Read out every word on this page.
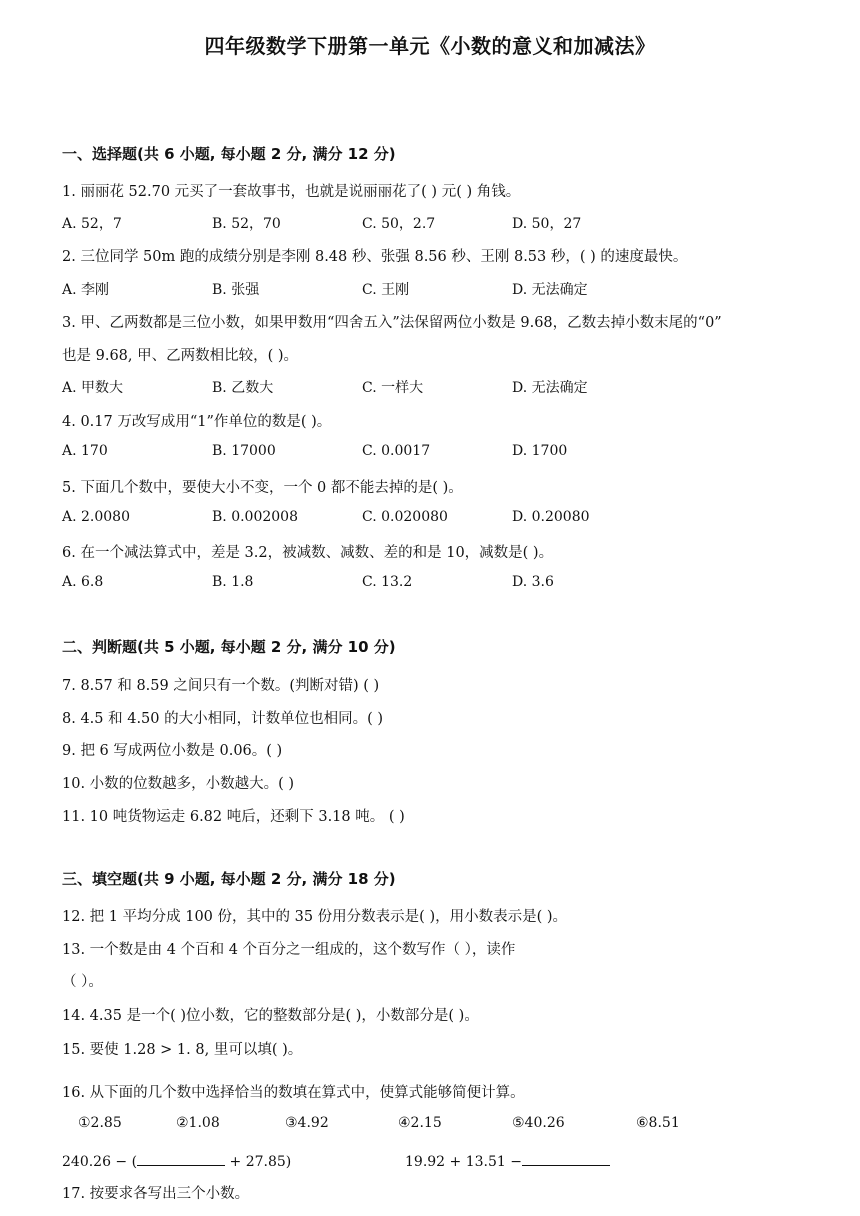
四年级数学下册第一单元《小数的意义和加减法》
一、选择题(共 6 小题, 每小题 2 分, 满分 12 分)
1. 丽丽花 52.70 元买了一套故事书，也就是说丽丽花了( ) 元( ) 角钱。
A. 52，7	B. 52，70	C. 50，2.7	D. 50，27
2. 三位同学 50m 跑的成绩分别是李刚 8.48 秒、张强 8.56 秒、王刚 8.53 秒，( ) 的速度最快。
A. 李刚	B. 张强	C. 王刚	D. 无法确定
3. 甲、乙两数都是三位小数，如果甲数用“四舍五入”法保留两位小数是 9.68，乙数去掉小数末尾的“0”
也是 9.68, 甲、乙两数相比较，( )。
A. 甲数大	B. 乙数大	C. 一样大	D. 无法确定
4. 0.17 万改写成用“1”作单位的数是( )。
A. 170	B. 17000	C. 0.0017	D. 1700
5. 下面几个数中，要使大小不变，一个 0 都不能去掉的是( )。
A. 2.0080	B. 0.002008	C. 0.020080	D. 0.20080
6. 在一个减法算式中，差是 3.2，被减数、减数、差的和是 10，减数是( )。
A. 6.8	B. 1.8	C. 13.2	D. 3.6
二、判断题(共 5 小题, 每小题 2 分, 满分 10 分)
7. 8.57 和 8.59 之间只有一个数。(判断对错) ( )
8. 4.5 和 4.50 的大小相同，计数单位也相同。( )
9. 把 6 写成两位小数是 0.06。( )
10. 小数的位数越多，小数越大。( )
11. 10 吨货物运走 6.82 吨后，还剩下 3.18 吨。 ( )
三、填空题(共 9 小题, 每小题 2 分, 满分 18 分)
12. 把 1 平均分成 100 份，其中的 35 份用分数表示是( )，用小数表示是( )。
13. 一个数是由 4 个百和 4 个百分之一组成的，这个数写作（ ），读作
（ ）。
14. 4.35 是一个( )位小数，它的整数部分是( )，小数部分是( )。
15. 要使 1.28 > 1. 8, 里可以填( )。
16. 从下面的几个数中选择恰当的数填在算式中，使算式能够简便计算。
①2.85	②1.08	③4.92	④2.15	⑤40.26	⑥8.51
240.26 − (	+ 27.85)	19.92 + 13.51 −
17. 按要求各写出三个小数。
